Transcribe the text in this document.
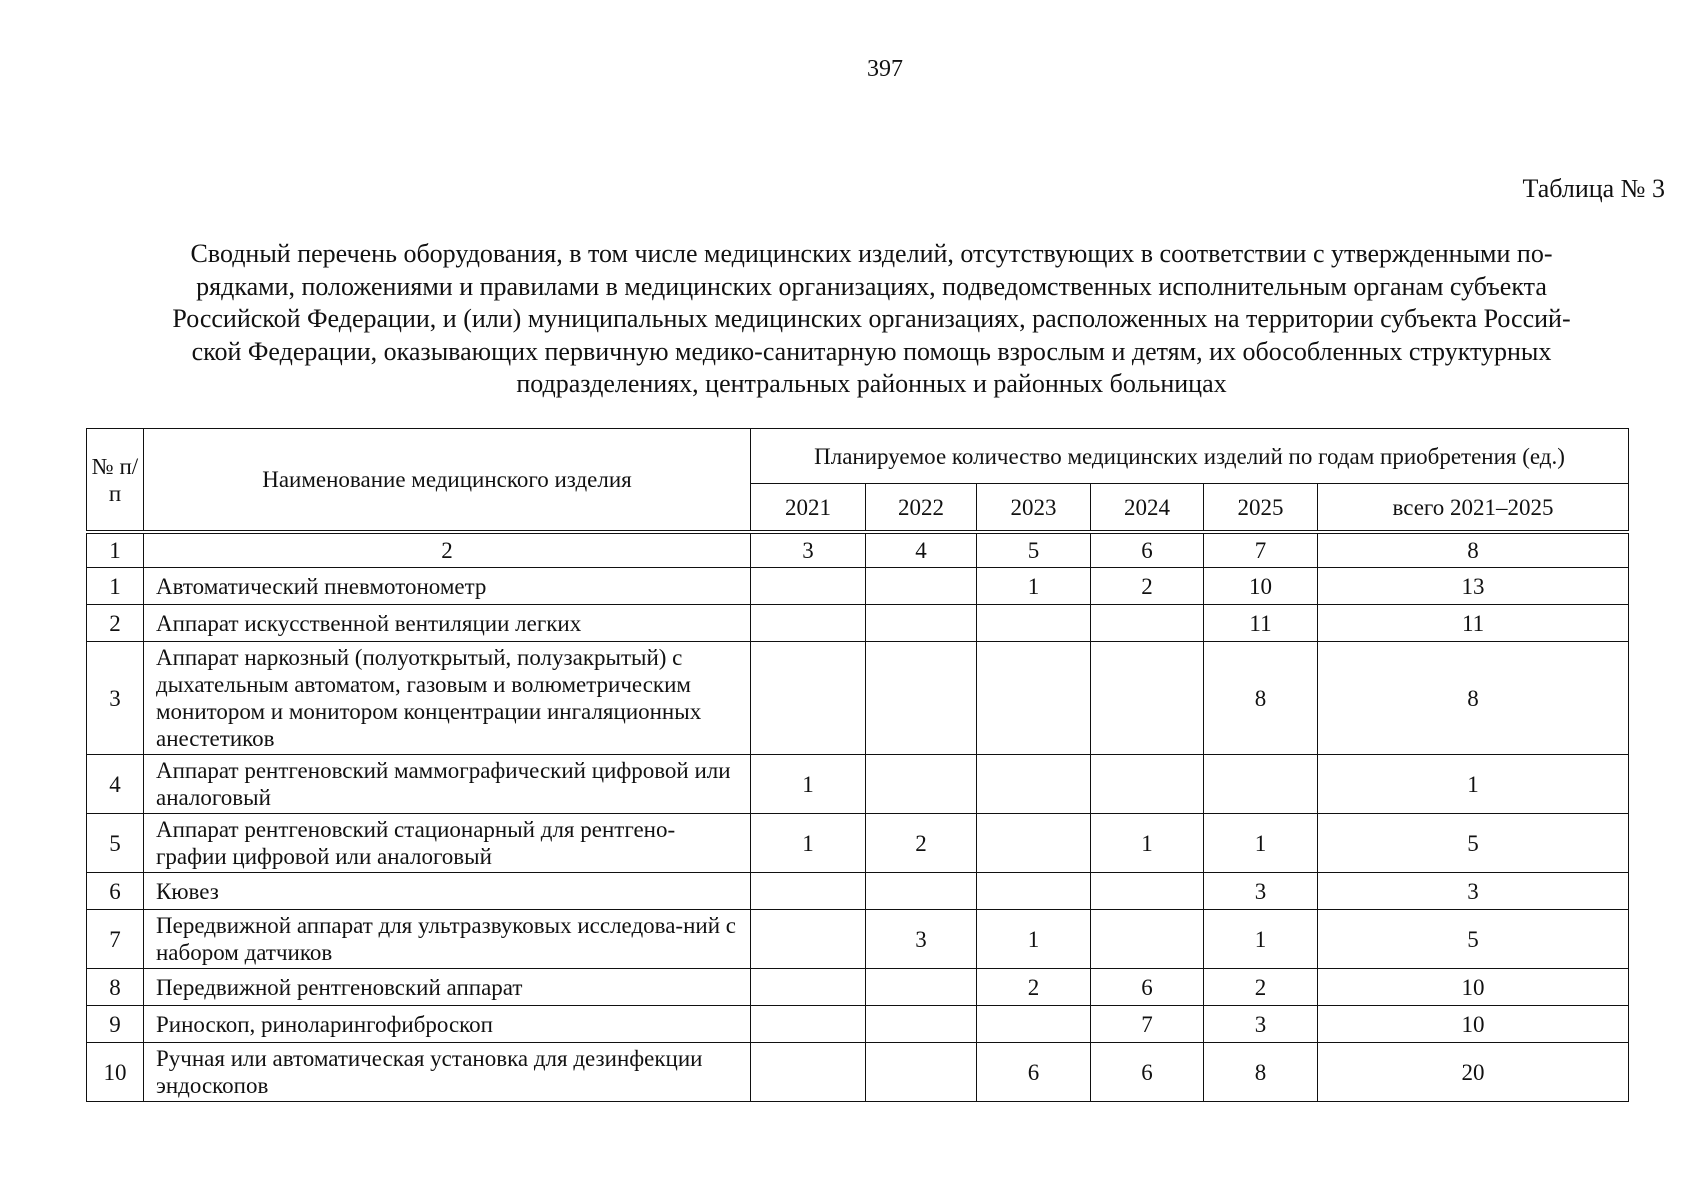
397
Таблица № 3
Сводный перечень оборудования, в том числе медицинских изделий, отсутствующих в соответствии с утвержденными по-
рядками, положениями и правилами в медицинских организациях, подведомственных исполнительным органам субъекта
Российской Федерации, и (или) муниципальных медицинских организациях, расположенных на территории субъекта Россий-
ской Федерации, оказывающих первичную медико-санитарную помощь взрослым и детям, их обособленных структурных
подразделениях, центральных районных и районных больницах
№ п/п	Наименование медицинского изделия	Планируемое количество медицинских изделий по годам приобретения (ед.)					
		2021	2022	2023	2024	2025	всего 2021–2025
1	2	3	4	5	6	7	8
1	Автоматический пневмотонометр			1	2	10	13
2	Аппарат искусственной вентиляции легких					11	11
3	Аппарат наркозный (полуоткрытый, полузакрытый) с дыхательным автоматом, газовым и волюметрическим монитором и монитором концентрации ингаляционных анестетиков					8	8
4	Аппарат рентгеновский маммографический цифровой или аналоговый	1					1
5	Аппарат рентгеновский стационарный для рентгено-графии цифровой или аналоговый	1	2		1	1	5
6	Кювез					3	3
7	Передвижной аппарат для ультразвуковых исследова-ний с набором датчиков		3	1		1	5
8	Передвижной рентгеновский аппарат			2	6	2	10
9	Риноскоп, риноларингофиброскоп				7	3	10
10	Ручная или автоматическая установка для дезинфекции эндоскопов			6	6	8	20
